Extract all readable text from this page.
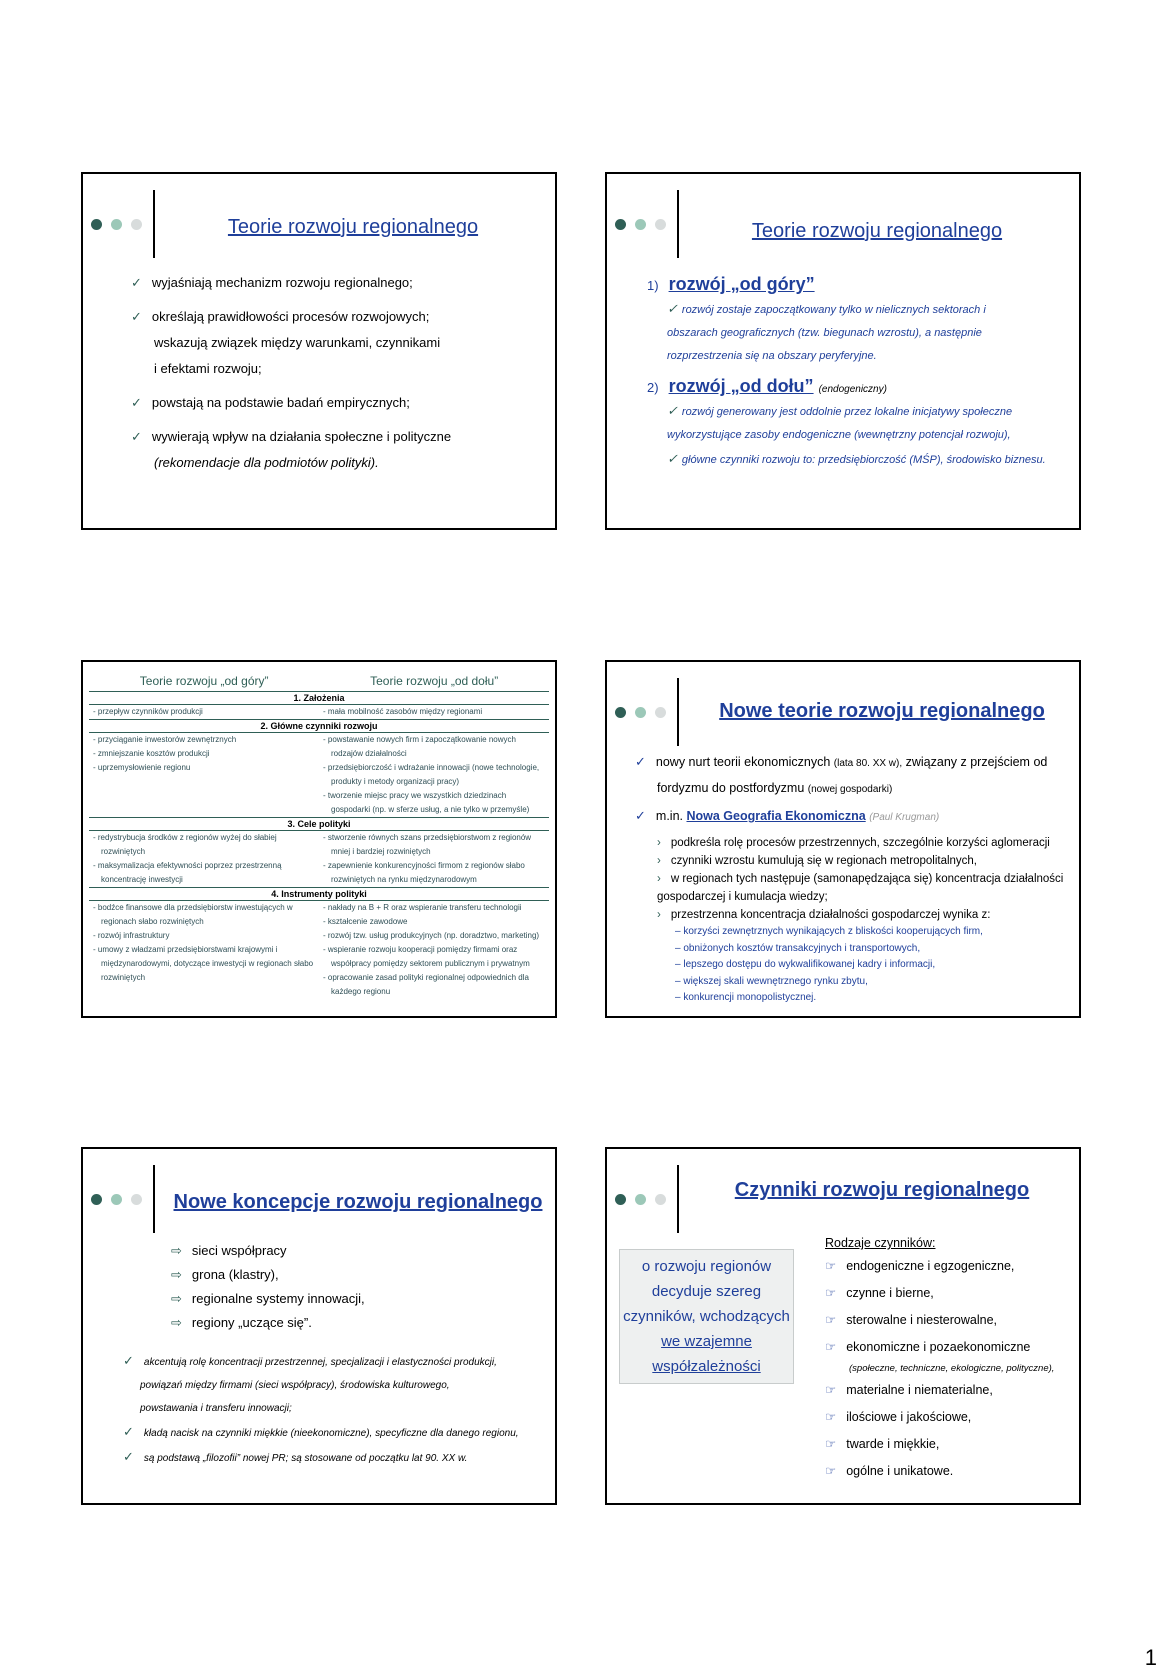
Teorie rozwoju regionalnego
✓ wyjaśniają mechanizm rozwoju regionalnego;
✓ określają prawidłowości procesów rozwojowych;
wskazują związek między warunkami, czynnikami
i efektami rozwoju;
✓ powstają na podstawie badań empirycznych;
✓ wywierają wpływ na działania społeczne i polityczne
(rekomendacje dla podmiotów polityki).
Teorie rozwoju regionalnego
1) rozwój „od góry”
✓ rozwój zostaje zapoczątkowany tylko w nielicznych sektorach i
obszarach geograficznych (tzw. biegunach wzrostu), a następnie
rozprzestrzenia się na obszary peryferyjne.
2) rozwój „od dołu” (endogeniczny)
✓ rozwój generowany jest oddolnie przez lokalne inicjatywy społeczne
wykorzystujące zasoby endogeniczne (wewnętrzny potencjał rozwoju),
✓ główne czynniki rozwoju to: przedsiębiorczość (MŚP), środowisko biznesu.
Teorie rozwoju „od góry”	Teorie rozwoju „od dołu”
1. Założenia
- przepływ czynników produkcji
-	mała mobilność zasobów między regionami
2. Główne czynniki rozwoju
- przyciąganie inwestorów zewnętrznych
- zmniejszanie kosztów produkcji
- uprzemysłowienie regionu
- powstawanie nowych firm i zapoczątkowanie nowych rodzajów działalności
- przedsiębiorczość i wdrażanie innowacji (nowe technologie, produkty i metody organizacji pracy)
- tworzenie miejsc pracy we wszystkich dziedzinach gospodarki (np. w sferze usług, a nie tylko w przemyśle)
3. Cele polityki
- redystrybucja środków z regionów wyżej do słabiej rozwiniętych
- maksymalizacja efektywności poprzez przestrzenną koncentrację inwestycji
- stworzenie równych szans przedsiębiorstwom z regionów mniej i bardziej rozwiniętych
- zapewnienie konkurencyjności firmom z regionów słabo rozwiniętych na rynku międzynarodowym
4. Instrumenty polityki
- bodźce finansowe dla przedsiębiorstw inwestujących w regionach słabo rozwiniętych
- rozwój infrastruktury
- umowy z władzami przedsiębiorstwami krajowymi i międzynarodowymi, dotyczące inwestycji w regionach słabo rozwiniętych
- nakłady na B + R oraz wspieranie transferu technologii
- kształcenie zawodowe
- rozwój tzw. usług produkcyjnych (np. doradztwo, marketing)
- wspieranie rozwoju kooperacji pomiędzy firmami oraz współpracy pomiędzy sektorem publicznym i prywatnym
- opracowanie zasad polityki regionalnej odpowiednich dla każdego regionu
Nowe teorie rozwoju regionalnego
✓ nowy nurt teorii ekonomicznych (lata 80. XX w), związany z przejściem od
fordyzmu do postfordyzmu (nowej gospodarki)
✓ m.in. Nowa Geografia Ekonomiczna (Paul Krugman)
› podkreśla rolę procesów przestrzennych, szczególnie korzyści aglomeracji
› czynniki wzrostu kumulują się w regionach metropolitalnych,
› w regionach tych następuje (samonapędzająca się) koncentracja działalności gospodarczej i kumulacja wiedzy;
› przestrzenna koncentracja działalności gospodarczej wynika z:
– korzyści zewnętrznych wynikających z bliskości kooperujących firm,
– obniżonych kosztów transakcyjnych i transportowych,
– lepszego dostępu do wykwalifikowanej kadry i informacji,
– większej skali wewnętrznego rynku zbytu,
– konkurencji monopolistycznej.
Nowe koncepcje rozwoju regionalnego
⇨ sieci współpracy
⇨ grona (klastry),
⇨ regionalne systemy innowacji,
⇨ regiony „uczące się”.
✓ akcentują rolę koncentracji przestrzennej, specjalizacji i elastyczności produkcji,
powiązań między firmami (sieci współpracy), środowiska kulturowego,
powstawania i transferu innowacji;
✓ kładą nacisk na czynniki miękkie (nieekonomiczne), specyficzne dla danego regionu,
✓ są podstawą „filozofii” nowej PR; są stosowane od początku lat 90. XX w.
Czynniki rozwoju regionalnego
o rozwoju regionów
decyduje szereg
czynników, wchodzących
we wzajemne
współzależności
Rodzaje czynników:
☞ endogeniczne i egzogeniczne,
☞ czynne i bierne,
☞ sterowalne i niesterowalne,
☞ ekonomiczne i pozaekonomiczne
(społeczne, techniczne, ekologiczne, polityczne),
☞ materialne i niematerialne,
☞ ilościowe i jakościowe,
☞ twarde i miękkie,
☞ ogólne i unikatowe.
1
